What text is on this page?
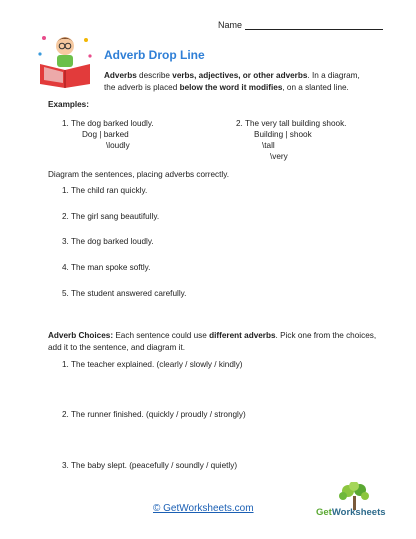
Name
Adverb Drop Line
Adverbs describe verbs, adjectives, or other adverbs. In a diagram, the adverb is placed below the word it modifies, on a slanted line.
Examples:
1. The dog barked loudly.
Dog | barked
\loudly
2. The very tall building shook.
Building | shook
\tall
\very
Diagram the sentences, placing adverbs correctly.
1. The child ran quickly.
2. The girl sang beautifully.
3. The dog barked loudly.
4. The man spoke softly.
5. The student answered carefully.
Adverb Choices: Each sentence could use different adverbs. Pick one from the choices, add it to the sentence, and diagram it.
1. The teacher explained. (clearly / slowly / kindly)
2. The runner finished. (quickly / proudly / strongly)
3. The baby slept. (peacefully / soundly / quietly)
© GetWorksheets.com	GetWorksheets
